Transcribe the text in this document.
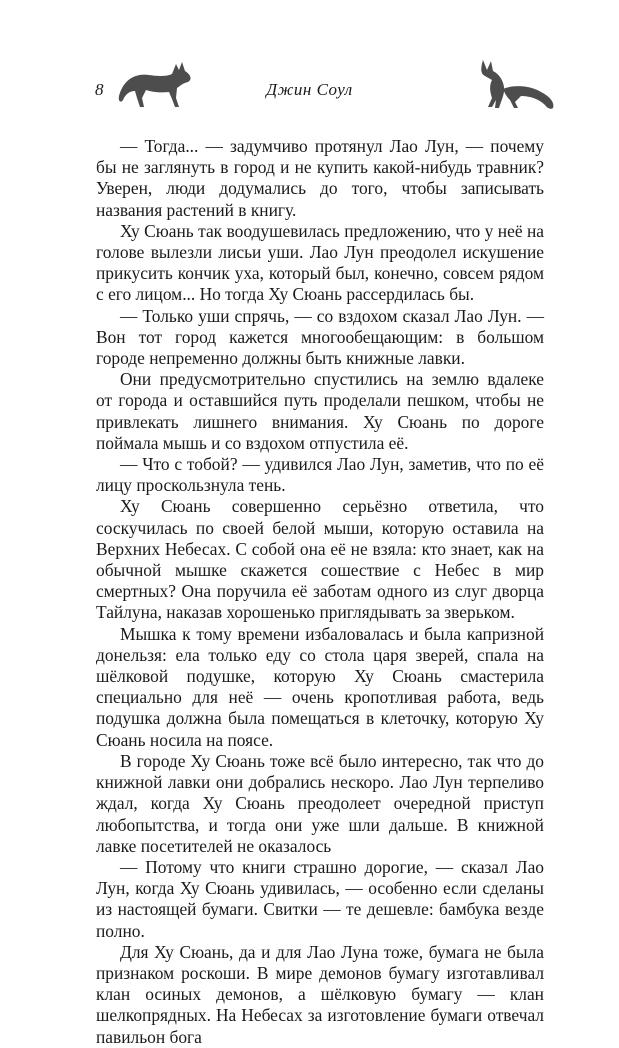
8	Джин Соул

— Тогда... — задумчиво протянул Лао Лун, — почему бы не заглянуть в город и не купить какой-нибудь травник? Уверен, люди додумались до того, чтобы записывать названия растений в книгу.

Ху Сюань так воодушевилась предложению, что у неё на голове вылезли лисьи уши. Лао Лун преодолел искушение прикусить кончик уха, который был, конечно, совсем рядом с его лицом... Но тогда Ху Сюань рассердилась бы.

— Только уши спрячь, — со вздохом сказал Лао Лун. — Вон тот город кажется многообещающим: в большом городе непременно должны быть книжные лавки.

Они предусмотрительно спустились на землю вдалеке от города и оставшийся путь проделали пешком, чтобы не привлекать лишнего внимания. Ху Сюань по дороге поймала мышь и со вздохом отпустила её.

— Что с тобой? — удивился Лао Лун, заметив, что по её лицу проскользнула тень.

Ху Сюань совершенно серьёзно ответила, что соскучилась по своей белой мыши, которую оставила на Верхних Небесах. С собой она её не взяла: кто знает, как на обычной мышке скажется сошествие с Небес в мир смертных? Она поручила её заботам одного из слуг дворца Тайлуна, наказав хорошенько приглядывать за зверьком.

Мышка к тому времени избаловалась и была капризной донельзя: ела только еду со стола царя зверей, спала на шёлковой подушке, которую Ху Сюань смастерила специально для неё — очень кропотливая работа, ведь подушка должна была помещаться в клеточку, которую Ху Сюань носила на поясе.

В городе Ху Сюань тоже всё было интересно, так что до книжной лавки они добрались нескоро. Лао Лун терпеливо ждал, когда Ху Сюань преодолеет очередной приступ любопытства, и тогда они уже шли дальше. В книжной лавке посетителей не оказалось

— Потому что книги страшно дорогие, — сказал Лао Лун, когда Ху Сюань удивилась, — особенно если сделаны из настоящей бумаги. Свитки — те дешевле: бамбука везде полно.

Для Ху Сюань, да и для Лао Луна тоже, бумага не была признаком роскоши. В мире демонов бумагу изготавливал клан осиных демонов, а шёлковую бумагу — клан шелкопрядных. На Небесах за изготовление бумаги отвечал павильон бога
